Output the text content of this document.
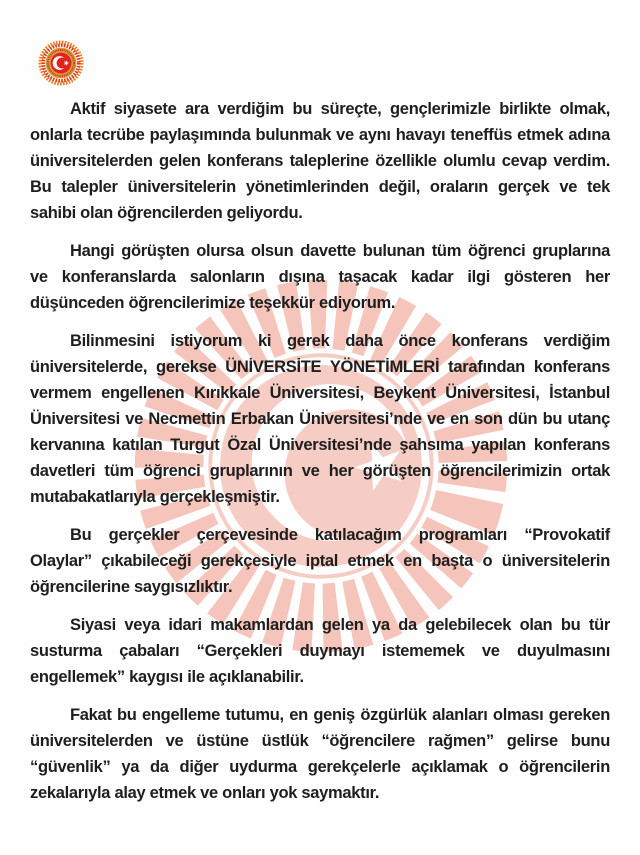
Aktif siyasete ara verdiğim bu süreçte, gençlerimizle birlikte olmak, onlarla tecrübe paylaşımında bulunmak ve aynı havayı teneffüs etmek adına üniversitelerden gelen konferans taleplerine özellikle olumlu cevap verdim. Bu talepler üniversitelerin yönetimlerinden değil, oraların gerçek ve tek sahibi olan öğrencilerden geliyordu.

Hangi görüşten olursa olsun davette bulunan tüm öğrenci gruplarına ve konferanslarda salonların dışına taşacak kadar ilgi gösteren her düşünceden öğrencilerimize teşekkür ediyorum.

Bilinmesini istiyorum ki gerek daha önce konferans verdiğim üniversitelerde, gerekse ÜNİVERSİTE YÖNETİMLERİ tarafından konferans vermem engellenen Kırıkkale Üniversitesi, Beykent Üniversitesi, İstanbul Üniversitesi ve Necmettin Erbakan Üniversitesi’nde ve en son dün bu utanç kervanına katılan Turgut Özal Üniversitesi’nde şahsıma yapılan konferans davetleri tüm öğrenci gruplarının ve her görüşten öğrencilerimizin ortak mutabakatlarıyla gerçekleşmiştir.

Bu gerçekler çerçevesinde katılacağım programları “Provokatif Olaylar” çıkabileceği gerekçesiyle iptal etmek en başta o üniversitelerin öğrencilerine saygısızlıktır.

Siyasi veya idari makamlardan gelen ya da gelebilecek olan bu tür susturma çabaları “Gerçekleri duymayı istememek ve duyulmasını engellemek” kaygısı ile açıklanabilir.

Fakat bu engelleme tutumu, en geniş özgürlük alanları olması gereken üniversitelerden ve üstüne üstlük “öğrencilere rağmen” gelirse bunu “güvenlik” ya da diğer uydurma gerekçelerle açıklamak o öğrencilerin zekalarıyla alay etmek ve onları yok saymaktır.
